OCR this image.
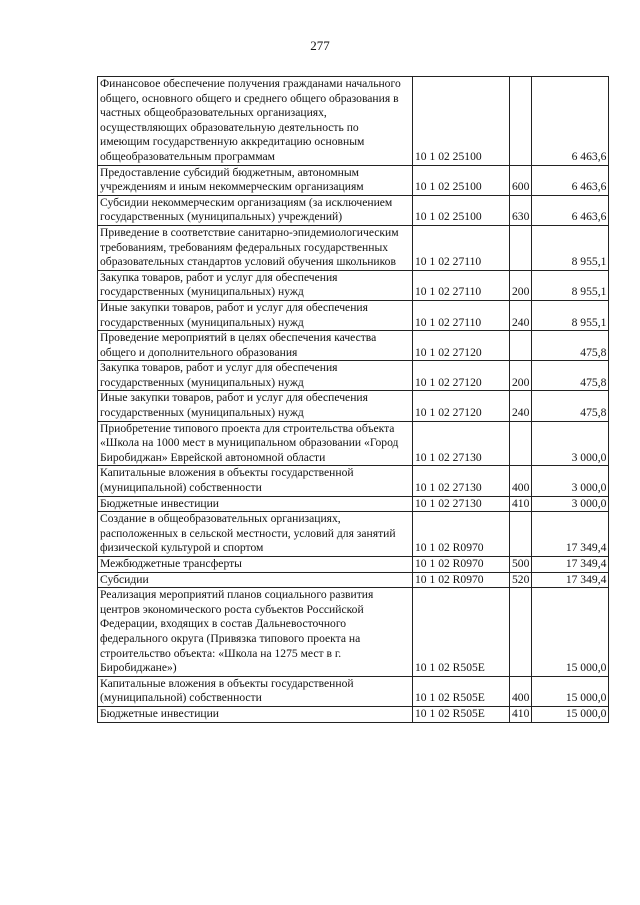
277
Финансовое обеспечение получения гражданами начального общего, основного общего и среднего общего образования в частных общеобразовательных организациях, осуществляющих образовательную деятельность по имеющим государственную аккредитацию основным общеобразовательным программам	10 1 02 25100		6 463,6
Предоставление субсидий бюджетным, автономным учреждениям и иным некоммерческим организациям	10 1 02 25100	600	6 463,6
Субсидии некоммерческим организациям (за исключением государственных (муниципальных) учреждений)	10 1 02 25100	630	6 463,6
Приведение в соответствие санитарно-эпидемиологическим требованиям, требованиям федеральных государственных образовательных стандартов условий обучения школьников	10 1 02 27110		8 955,1
Закупка товаров, работ и услуг для обеспечения государственных (муниципальных) нужд	10 1 02 27110	200	8 955,1
Иные закупки товаров, работ и услуг для обеспечения государственных (муниципальных) нужд	10 1 02 27110	240	8 955,1
Проведение мероприятий в целях обеспечения качества общего и дополнительного образования	10 1 02 27120		475,8
Закупка товаров, работ и услуг для обеспечения государственных (муниципальных) нужд	10 1 02 27120	200	475,8
Иные закупки товаров, работ и услуг для обеспечения государственных (муниципальных) нужд	10 1 02 27120	240	475,8
Приобретение типового проекта для строительства объекта «Школа на 1000 мест в муниципальном образовании «Город Биробиджан» Еврейской автономной области	10 1 02 27130		3 000,0
Капитальные вложения в объекты государственной (муниципальной) собственности	10 1 02 27130	400	3 000,0
Бюджетные инвестиции	10 1 02 27130	410	3 000,0
Создание в общеобразовательных организациях, расположенных в сельской местности, условий для занятий физической культурой и спортом	10 1 02 R0970		17 349,4
Межбюджетные трансферты	10 1 02 R0970	500	17 349,4
Субсидии	10 1 02 R0970	520	17 349,4
Реализация мероприятий планов социального развития центров экономического роста субъектов Российской Федерации, входящих в состав Дальневосточного федерального округа (Привязка типового проекта на строительство объекта: «Школа на 1275 мест в г. Биробиджане»)	10 1 02 R505E		15 000,0
Капитальные вложения в объекты государственной (муниципальной) собственности	10 1 02 R505E	400	15 000,0
Бюджетные инвестиции	10 1 02 R505E	410	15 000,0
